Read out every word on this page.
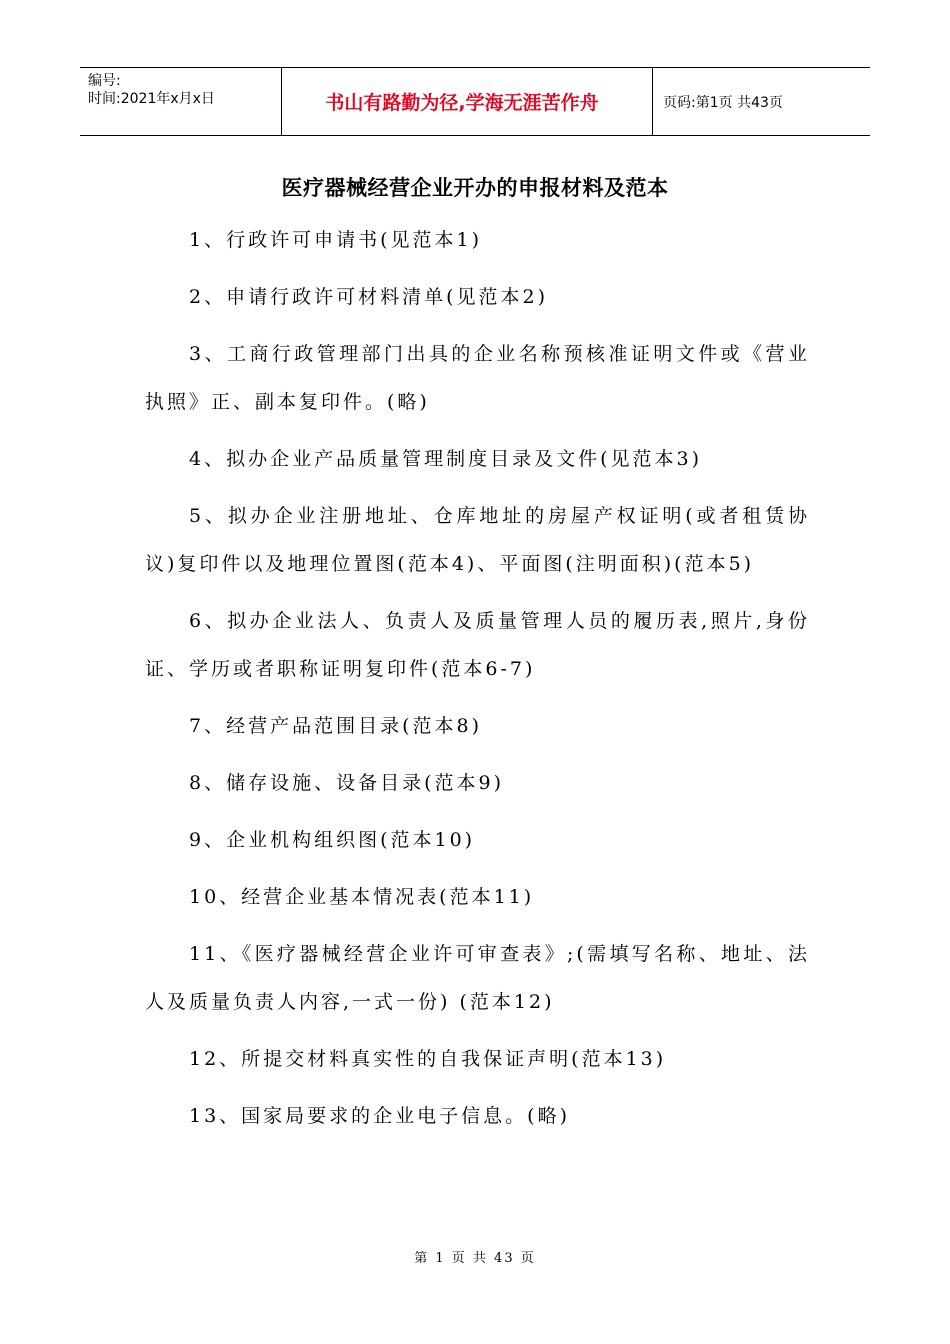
编号:
时间:2021年x月x日	书山有路勤为径,学海无涯苦作舟	页码:第1页 共43页
医疗器械经营企业开办的申报材料及范本
1、行政许可申请书(见范本1)
2、申请行政许可材料清单(见范本2)
3、工商行政管理部门出具的企业名称预核准证明文件或《营业执照》正、副本复印件。(略)
4、拟办企业产品质量管理制度目录及文件(见范本3)
5、拟办企业注册地址、仓库地址的房屋产权证明(或者租赁协议)复印件以及地理位置图(范本4)、平面图(注明面积)(范本5)
6、拟办企业法人、负责人及质量管理人员的履历表,照片,身份证、学历或者职称证明复印件(范本6-7)
7、经营产品范围目录(范本8)
8、储存设施、设备目录(范本9)
9、企业机构组织图(范本10)
10、经营企业基本情况表(范本11)
11、《医疗器械经营企业许可审查表》;(需填写名称、地址、法人及质量负责人内容,一式一份) (范本12)
12、所提交材料真实性的自我保证声明(范本13)
13、国家局要求的企业电子信息。(略)
第 1 页 共 43 页
